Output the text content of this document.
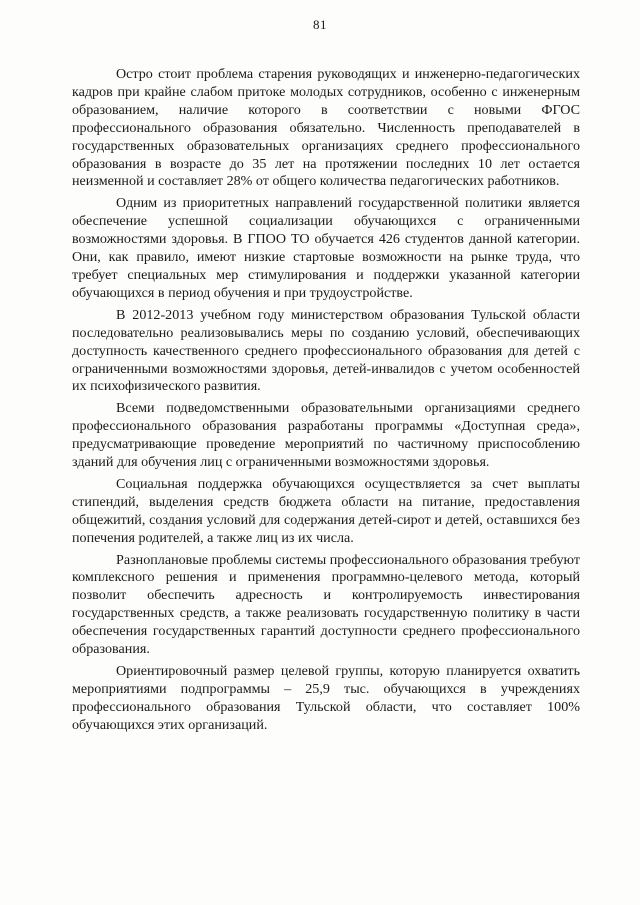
81

Остро стоит проблема старения руководящих и инженерно-педагогических кадров при крайне слабом притоке молодых сотрудников, особенно с инженерным образованием, наличие которого в соответствии с новыми ФГОС профессионального образования обязательно. Численность преподавателей в государственных образовательных организациях среднего профессионального образования в возрасте до 35 лет на протяжении последних 10 лет остается неизменной и составляет 28% от общего количества педагогических работников.

Одним из приоритетных направлений государственной политики является обеспечение успешной социализации обучающихся с ограниченными возможностями здоровья. В ГПОО ТО обучается 426 студентов данной категории. Они, как правило, имеют низкие стартовые возможности на рынке труда, что требует специальных мер стимулирования и поддержки указанной категории обучающихся в период обучения и при трудоустройстве.

В 2012-2013 учебном году министерством образования Тульской области последовательно реализовывались меры по созданию условий, обеспечивающих доступность качественного среднего профессионального образования для детей с ограниченными возможностями здоровья, детей-инвалидов с учетом особенностей их психофизического развития.

Всеми подведомственными образовательными организациями среднего профессионального образования разработаны программы «Доступная среда», предусматривающие проведение мероприятий по частичному приспособлению зданий для обучения лиц с ограниченными возможностями здоровья.

Социальная поддержка обучающихся осуществляется за счет выплаты стипендий, выделения средств бюджета области на питание, предоставления общежитий, создания условий для содержания детей-сирот и детей, оставшихся без попечения родителей, а также лиц из их числа.

Разноплановые проблемы системы профессионального образования требуют комплексного решения и применения программно-целевого метода, который позволит обеспечить адресность и контролируемость инвестирования государственных средств, а также реализовать государственную политику в части обеспечения государственных гарантий доступности среднего профессионального образования.

Ориентировочный размер целевой группы, которую планируется охватить мероприятиями подпрограммы – 25,9 тыс. обучающихся в учреждениях профессионального образования Тульской области, что составляет 100% обучающихся этих организаций.
